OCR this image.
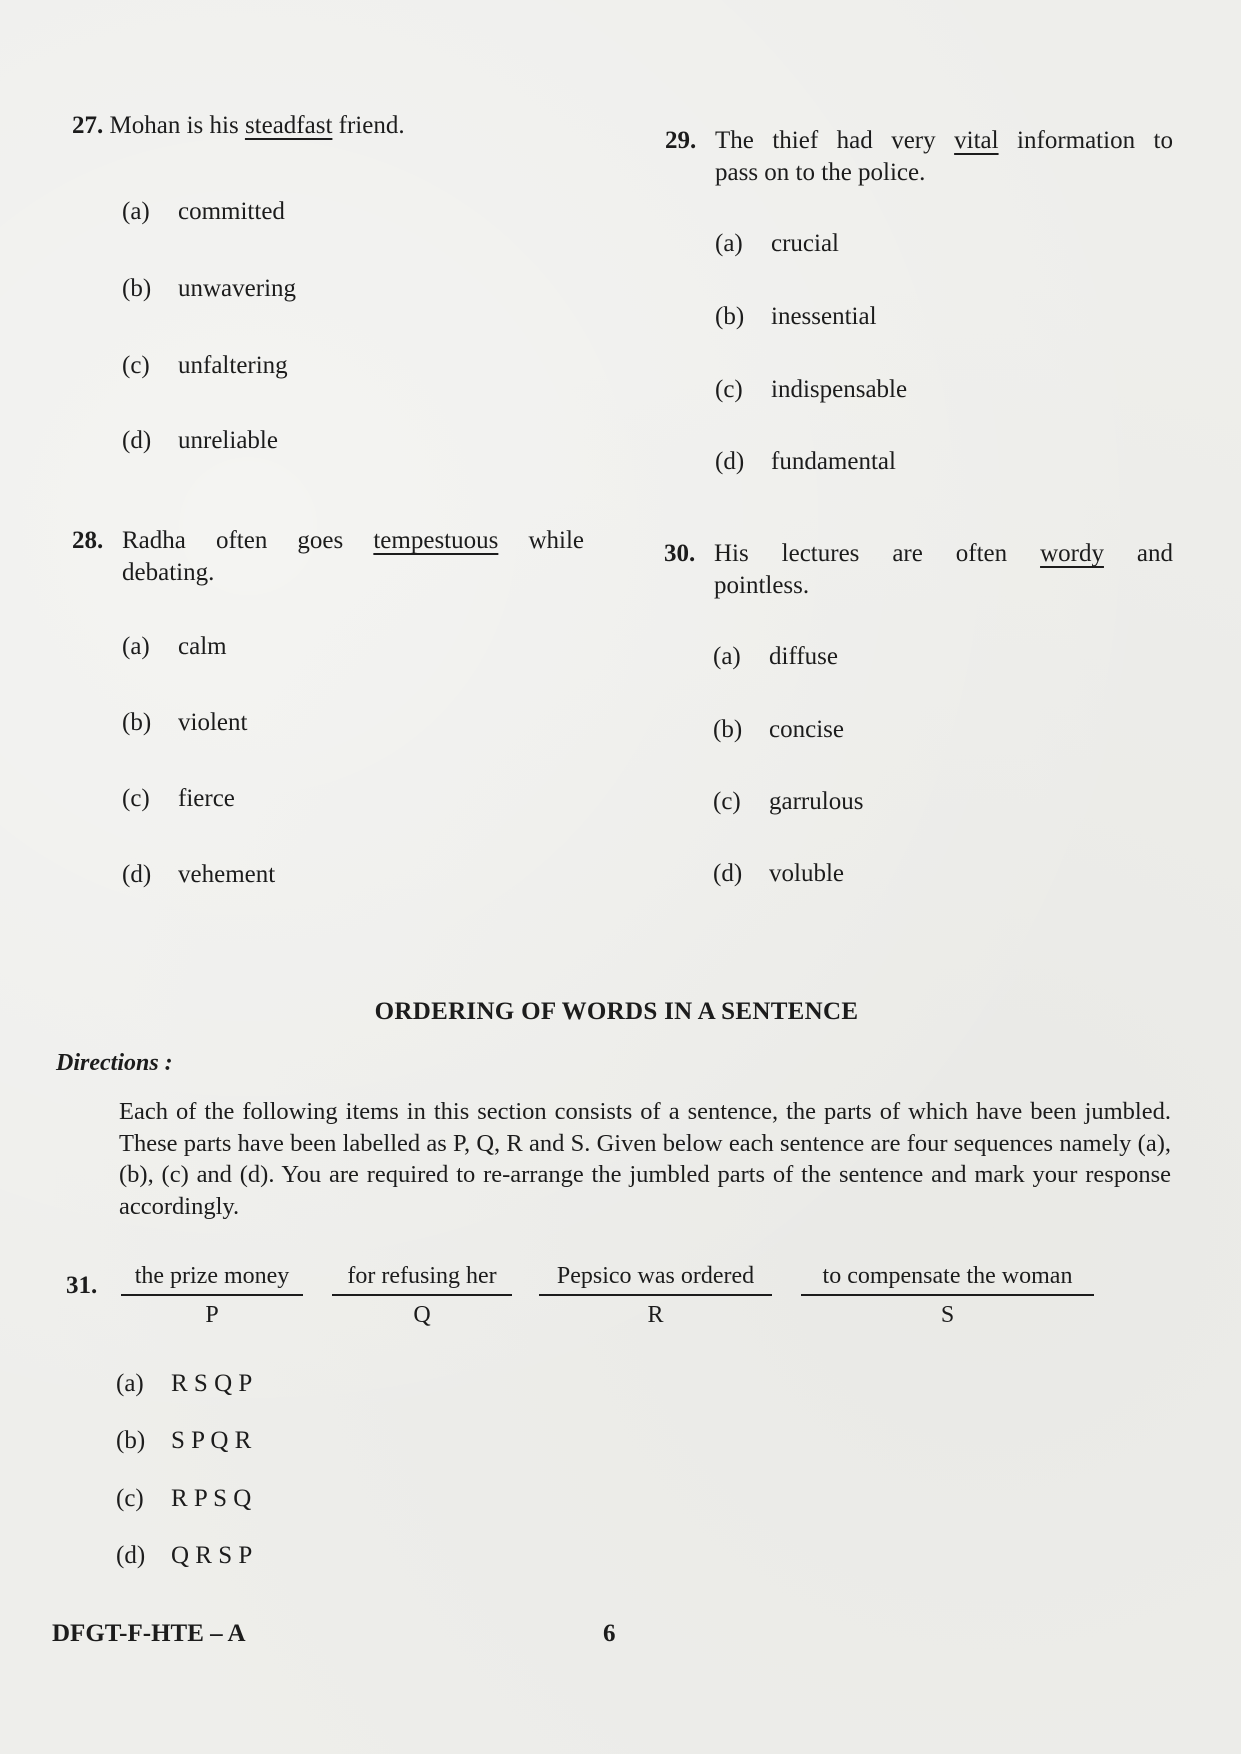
27. Mohan is his steadfast friend.
(a) committed
(b) unwavering
(c) unfaltering
(d) unreliable
28. Radha often goes tempestuous while
debating.
(a) calm
(b) violent
(c) fierce
(d) vehement
29. The thief had very vital information to
pass on to the police.
(a) crucial
(b) inessential
(c) indispensable
(d) fundamental
30. His lectures are often wordy and
pointless.
(a) diffuse
(b) concise
(c) garrulous
(d) voluble
ORDERING OF WORDS IN A SENTENCE
Directions :
Each of the following items in this section consists of a sentence, the parts of which have been jumbled. These parts have been labelled as P, Q, R and S. Given below each sentence are four sequences namely (a), (b), (c) and (d). You are required to re-arrange the jumbled parts of the sentence and mark your response accordingly.
31.	the prize money
P
for refusing her
Q
Pepsico was ordered
R
to compensate the woman
S
(a) R S Q P
(b) S P Q R
(c) R P S Q
(d) Q R S P
DFGT-F-HTE – A	6
